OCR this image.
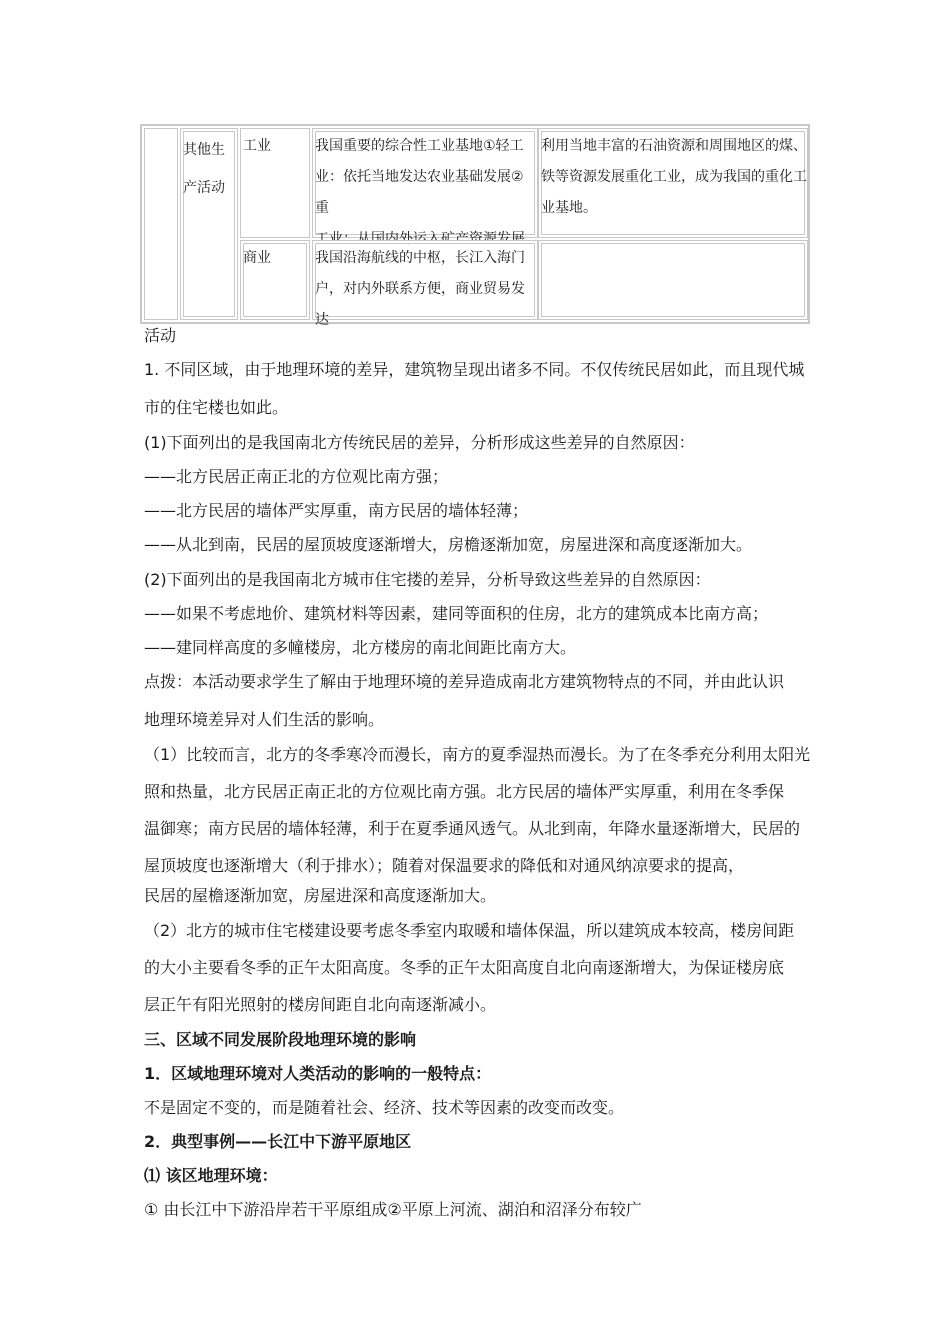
其他生产活动
工业	我国重要的综合性工业基地①轻工
业：依托当地发达农业基础发展②重
工业：从国内外运入矿产资源发展
利用当地丰富的石油资源和周围地区的煤、
铁等资源发展重化工业，成为我国的重化工
业基地。
商业	我国沿海航线的中枢，长江入海门
户，对内外联系方便，商业贸易发达
活动
1. 不同区域，由于地理环境的差异，建筑物呈现出诸多不同。不仅传统民居如此，而且现代城
市的住宅楼也如此。
(1)下面列出的是我国南北方传统民居的差异，分析形成这些差异的自然原因：
——北方民居正南正北的方位观比南方强；
——北方民居的墙体严实厚重，南方民居的墙体轻薄；
——从北到南，民居的屋顶坡度逐渐增大，房檐逐渐加宽，房屋进深和高度逐渐加大。
(2)下面列出的是我国南北方城市住宅搂的差异，分析导致这些差异的自然原因：
——如果不考虑地价、建筑材料等因素，建同等面积的住房，北方的建筑成本比南方高；
——建同样高度的多幢楼房，北方楼房的南北间距比南方大。
点拨：本活动要求学生了解由于地理环境的差异造成南北方建筑物特点的不同，并由此认识
地理环境差异对人们生活的影响。
（1）比较而言，北方的冬季寒冷而漫长，南方的夏季湿热而漫长。为了在冬季充分利用太阳光
照和热量，北方民居正南正北的方位观比南方强。北方民居的墙体严实厚重，利用在冬季保
温御寒；南方民居的墙体轻薄，利于在夏季通风透气。从北到南，年降水量逐渐增大，民居的
屋顶坡度也逐渐增大（利于排水）；随着对保温要求的降低和对通风纳凉要求的提高，
民居的屋檐逐渐加宽，房屋进深和高度逐渐加大。
（2）北方的城市住宅楼建设要考虑冬季室内取暖和墙体保温，所以建筑成本较高，楼房间距
的大小主要看冬季的正午太阳高度。冬季的正午太阳高度自北向南逐渐增大，为保证楼房底
层正午有阳光照射的楼房间距自北向南逐渐减小。
三、区域不同发展阶段地理环境的影响
1．区域地理环境对人类活动的影响的一般特点：
不是固定不变的，而是随着社会、经济、技术等因素的改变而改变。
2．典型事例——长江中下游平原地区
⑴ 该区地理环境：
① 由长江中下游沿岸若干平原组成②平原上河流、湖泊和沼泽分布较广
